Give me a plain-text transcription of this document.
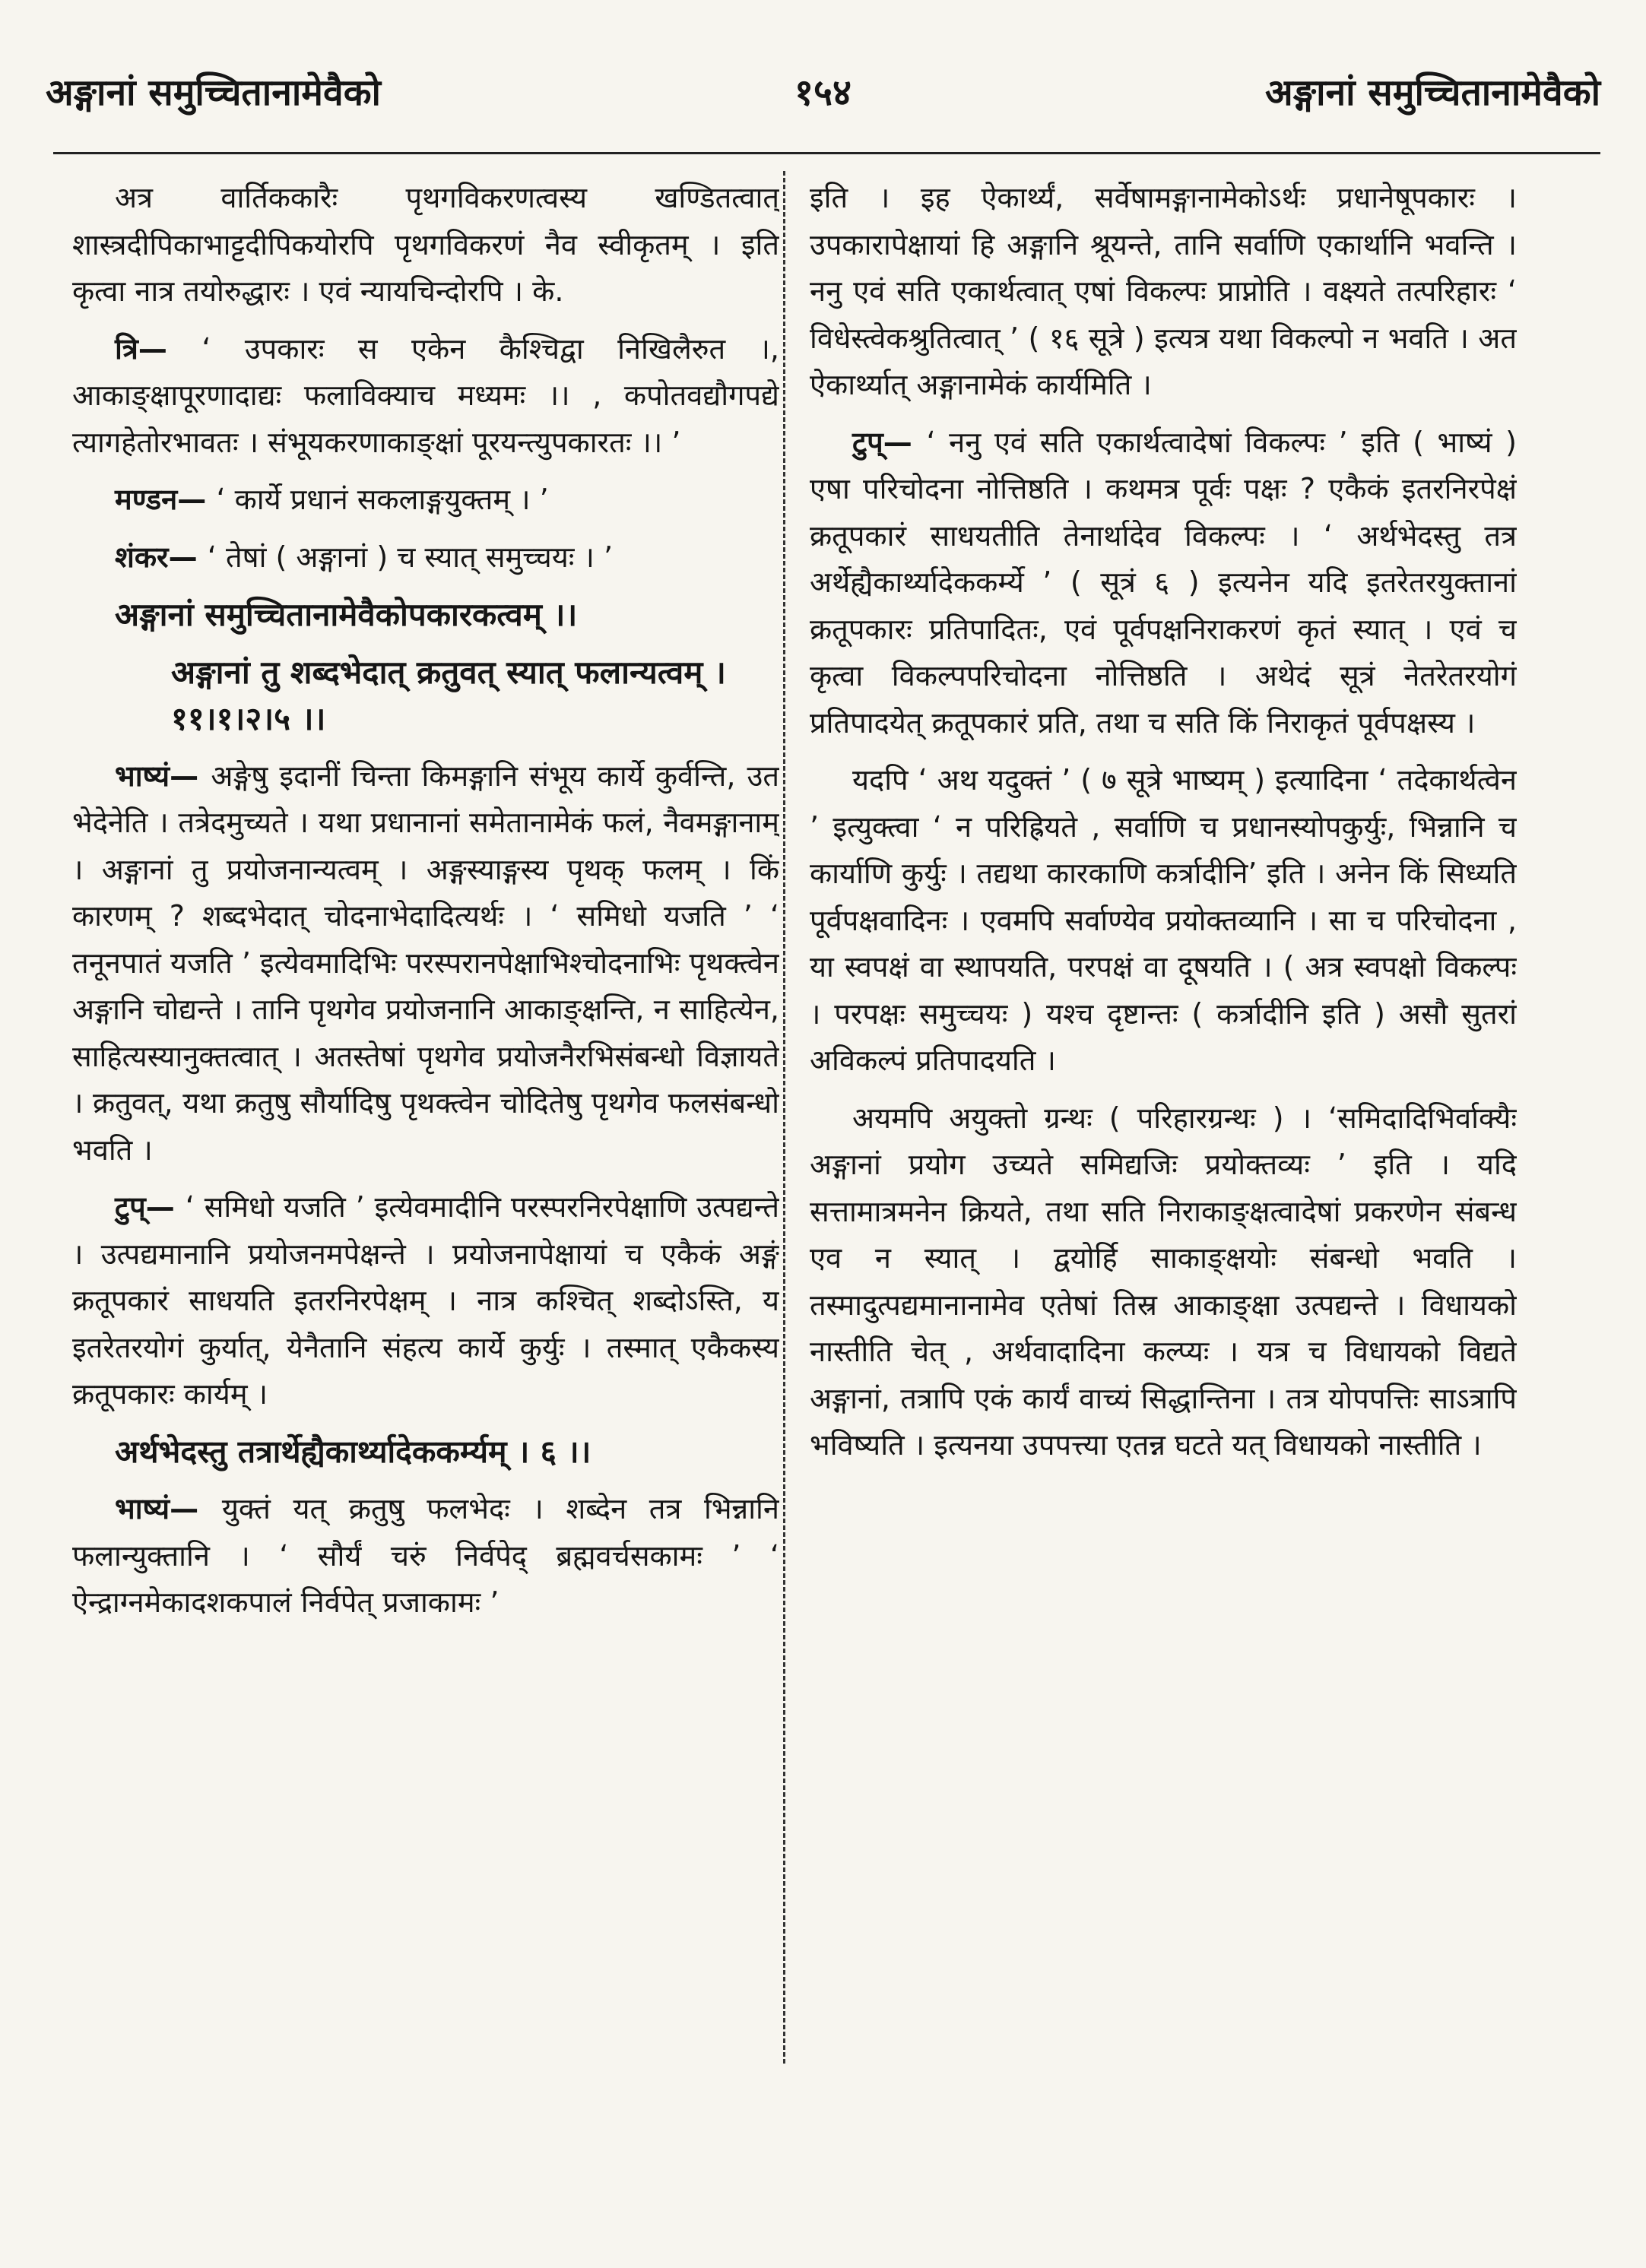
अङ्गानां समुच्चितानामेवैको	१५४	अङ्गानां समुच्चितानामेवैको

अत्र वार्तिककारैः पृथगविकरणत्वस्य खण्डितत्वात् शास्त्रदीपिकाभाट्टदीपिकयोरपि पृथगविकरणं नैव स्वीकृतम् । इति कृत्वा नात्र तयोरुद्धारः । एवं न्यायचिन्दोरपि । के.

त्रि— ‘ उपकारः स एकेन कैश्चिद्वा निखिलैरुत ।, आकाङ्क्षापूरणादाद्यः फलाविक्याच मध्यमः ।। , कपोतवद्यौगपद्ये त्यागहेतोरभावतः । संभूयकरणाकाङ्क्षां पूरयन्त्युपकारतः ।। ’

मण्डन— ‘ कार्ये प्रधानं सकलाङ्गयुक्तम् । ’

शंकर— ‘ तेषां ( अङ्गानां ) च स्यात् समुच्चयः । ’

अङ्गानां समुच्चितानामेवैकोपकारकत्वम् ।।

अङ्गानां तु शब्दभेदात् क्रतुवत् स्यात् फलान्यत्वम् । ११।१।२।५ ।।

भाष्यं— अङ्गेषु इदानीं चिन्ता किमङ्गानि संभूय कार्ये कुर्वन्ति, उत भेदेनेति । तत्रेदमुच्यते । यथा प्रधानानां समेतानामेकं फलं, नैवमङ्गानाम् । अङ्गानां तु प्रयोजनान्यत्वम् । अङ्गस्याङ्गस्य पृथक् फलम् । किं कारणम् ? शब्दभेदात् चोदनाभेदादित्यर्थः । ‘ समिधो यजति ’ ‘ तनूनपातं यजति ’ इत्येवमादिभिः परस्परानपेक्षाभिश्चोदनाभिः पृथक्त्वेन अङ्गानि चोद्यन्ते । तानि पृथगेव प्रयोजनानि आकाङ्क्षन्ति, न साहित्येन, साहित्यस्यानुक्तत्वात् । अतस्तेषां पृथगेव प्रयोजनैरभिसंबन्धो विज्ञायते । क्रतुवत्, यथा क्रतुषु सौर्यादिषु पृथक्त्वेन चोदितेषु पृथगेव फलसंबन्धो भवति ।

टुप्— ‘ समिधो यजति ’ इत्येवमादीनि परस्परनिरपेक्षाणि उत्पद्यन्ते । उत्पद्यमानानि प्रयोजनमपेक्षन्ते । प्रयोजनापेक्षायां च एकैकं अङ्गं क्रतूपकारं साधयति इतरनिरपेक्षम् । नात्र कश्चित् शब्दोऽस्ति, य इतरेतरयोगं कुर्यात्, येनैतानि संहत्य कार्ये कुर्युः । तस्मात् एकैकस्य क्रतूपकारः कार्यम् ।

अर्थभेदस्तु तत्रार्थेह्यैकार्थ्यादेककर्म्यम् । ६ ।।

भाष्यं— युक्तं यत् क्रतुषु फलभेदः । शब्देन तत्र भिन्नानि फलान्युक्तानि । ‘ सौर्यं चरुं निर्वपेद् ब्रह्मवर्चसकामः ’ ‘ ऐन्द्राग्नमेकादशकपालं निर्वपेत् प्रजाकामः ’

इति । इह ऐकार्थ्यं, सर्वेषामङ्गानामेकोऽर्थः प्रधानेषूपकारः । उपकारापेक्षायां हि अङ्गानि श्रूयन्ते, तानि सर्वाणि एकार्थानि भवन्ति । ननु एवं सति एकार्थत्वात् एषां विकल्पः प्राप्नोति । वक्ष्यते तत्परिहारः ‘ विधेस्त्वेकश्रुतित्वात् ’ ( १६ सूत्रे ) इत्यत्र यथा विकल्पो न भवति । अत ऐकार्थ्यात् अङ्गानामेकं कार्यमिति ।

टुप्— ‘ ननु एवं सति एकार्थत्वादेषां विकल्पः ’ इति ( भाष्यं ) एषा परिचोदना नोत्तिष्ठति । कथमत्र पूर्वः पक्षः ? एकैकं इतरनिरपेक्षं क्रतूपकारं साधयतीति तेनार्थादेव विकल्पः । ‘ अर्थभेदस्तु तत्र अर्थेह्यैकार्थ्यादेककर्म्ये ’ ( सूत्रं ६ ) इत्यनेन यदि इतरेतरयुक्तानां क्रतूपकारः प्रतिपादितः, एवं पूर्वपक्षनिराकरणं कृतं स्यात् । एवं च कृत्वा विकल्पपरिचोदना नोत्तिष्ठति । अथेदं सूत्रं नेतरेतरयोगं प्रतिपादयेत् क्रतूपकारं प्रति, तथा च सति किं निराकृतं पूर्वपक्षस्य ।

यदपि ‘ अथ यदुक्तं ’ ( ७ सूत्रे भाष्यम् ) इत्यादिना ‘ तदेकार्थत्वेन ’ इत्युक्त्वा ‘ न परिह्रियते , सर्वाणि च प्रधानस्योपकुर्युः, भिन्नानि च कार्याणि कुर्युः । तद्यथा कारकाणि कर्त्रादीनि’ इति । अनेन किं सिध्यति पूर्वपक्षवादिनः । एवमपि सर्वाण्येव प्रयोक्तव्यानि । सा च परिचोदना , या स्वपक्षं वा स्थापयति, परपक्षं वा दूषयति । ( अत्र स्वपक्षो विकल्पः । परपक्षः समुच्चयः ) यश्च दृष्टान्तः ( कर्त्रादीनि इति ) असौ सुतरां अविकल्पं प्रतिपादयति ।

अयमपि अयुक्तो ग्रन्थः ( परिहारग्रन्थः ) । ‘समिदादिभिर्वाक्यैः अङ्गानां प्रयोग उच्यते समिद्यजिः प्रयोक्तव्यः ’ इति । यदि सत्तामात्रमनेन क्रियते, तथा सति निराकाङ्क्षत्वादेषां प्रकरणेन संबन्ध एव न स्यात् । द्वयोर्हि साकाङ्क्षयोः संबन्धो भवति । तस्मादुत्पद्यमानानामेव एतेषां तिस्र आकाङ्क्षा उत्पद्यन्ते । विधायको नास्तीति चेत् , अर्थवादादिना कल्प्यः । यत्र च विधायको विद्यते अङ्गानां, तत्रापि एकं कार्यं वाच्यं सिद्धान्तिना । तत्र योपपत्तिः साऽत्रापि भविष्यति । इत्यनया उपपत्त्या एतन्न घटते यत् विधायको नास्तीति ।
